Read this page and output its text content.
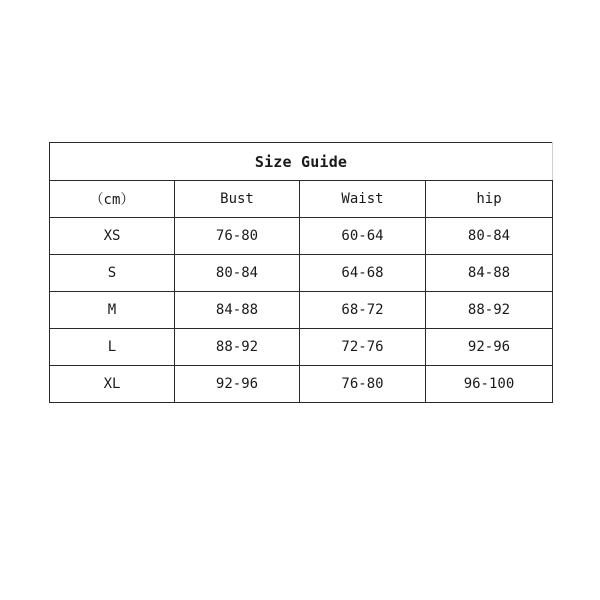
Size Guide			
（cm）	Bust	Waist	hip
XS	76-80	60-64	80-84
S	80-84	64-68	84-88
M	84-88	68-72	88-92
L	88-92	72-76	92-96
XL	92-96	76-80	96-100
